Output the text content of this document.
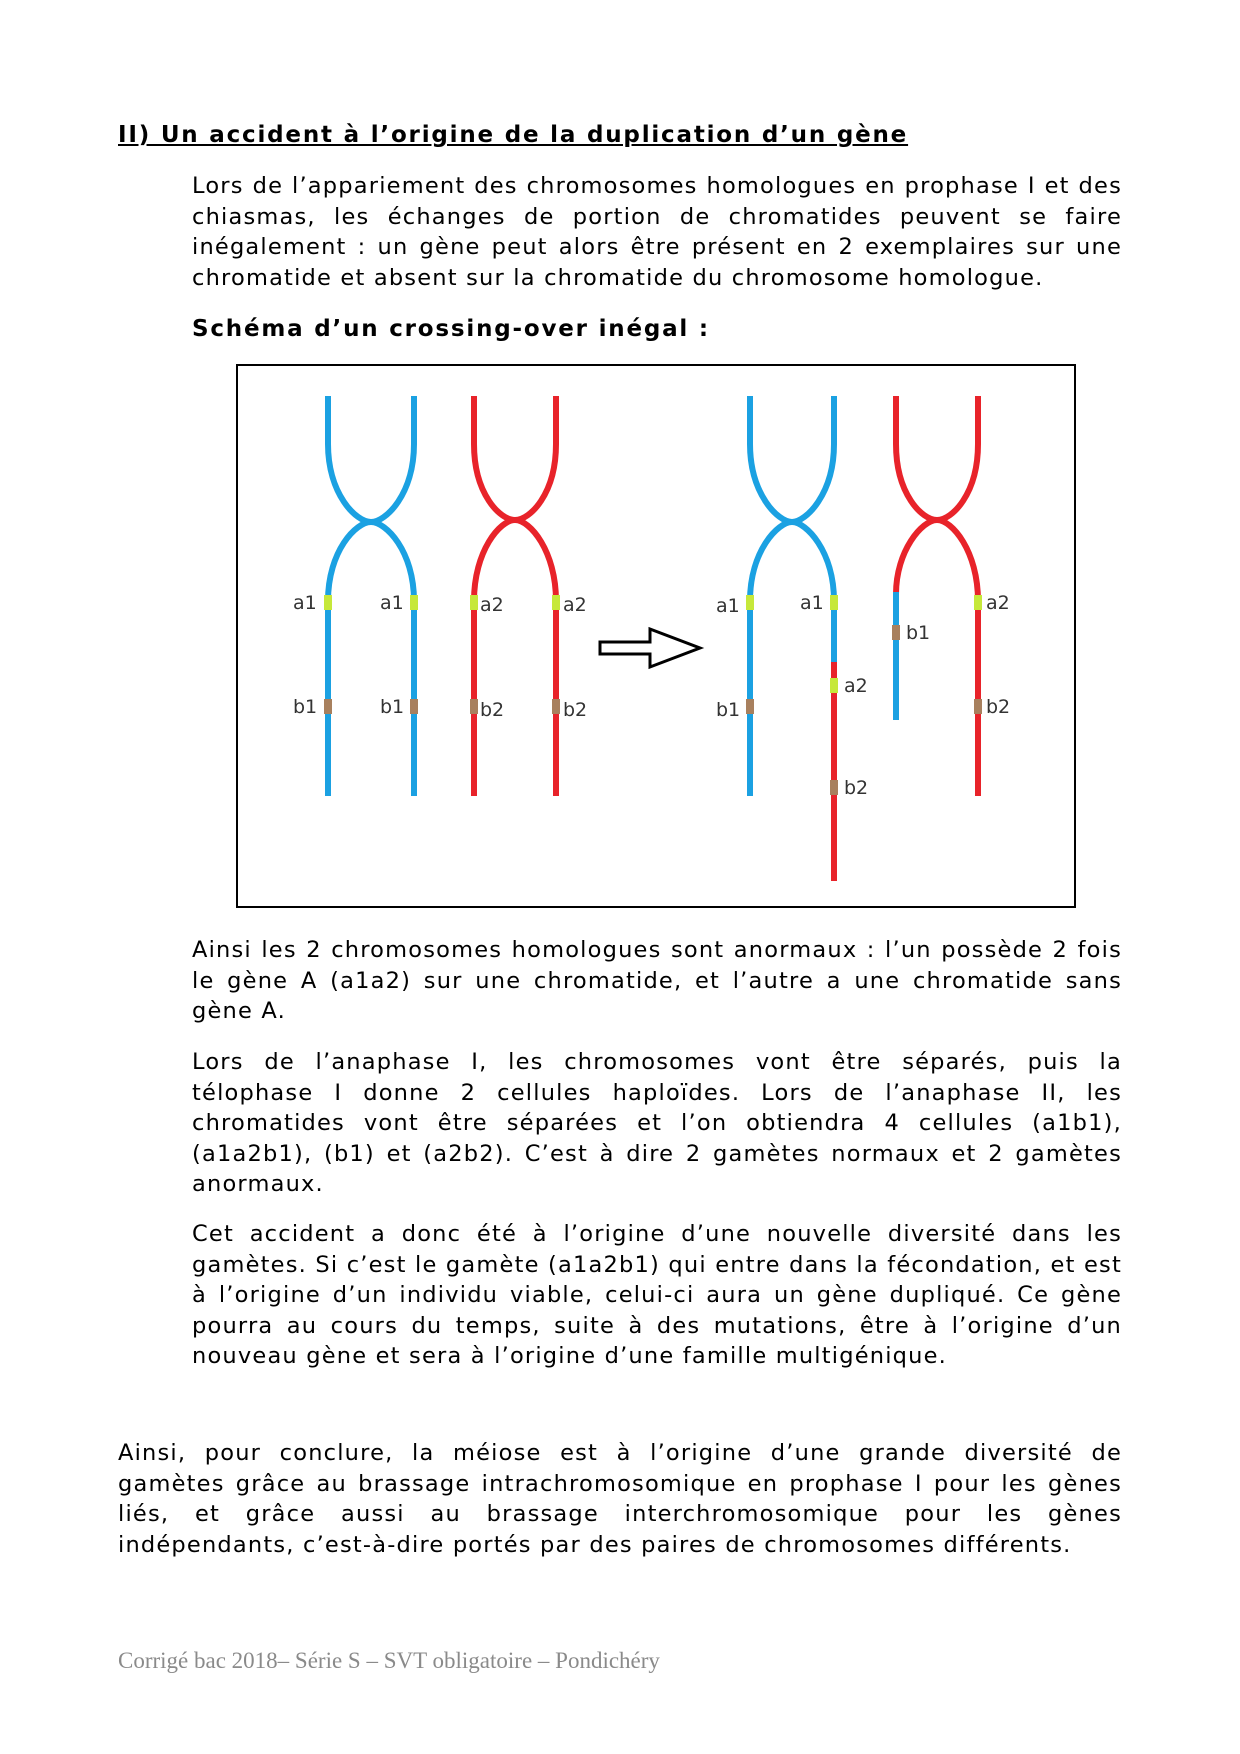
II) Un accident à l’origine de la duplication d’un gène

Lors de l’appariement des chromosomes homologues en prophase I et des chiasmas, les échanges de portion de chromatides peuvent se faire inégalement : un gène peut alors être présent en 2 exemplaires sur une chromatide et absent sur la chromatide du chromosome homologue.

Schéma d’un crossing-over inégal :
a1	a1	a2	a2
b1	b1	b2	b2
a1	a1
a2
b2
b1
a2
b1	b2

Ainsi les 2 chromosomes homologues sont anormaux : l’un possède 2 fois le gène A (a1a2) sur une chromatide, et l’autre a une chromatide sans gène A.

Lors de l’anaphase I, les chromosomes vont être séparés, puis la télophase I donne 2 cellules haploïdes. Lors de l’anaphase II, les chromatides vont être séparées et l’on obtiendra 4 cellules (a1b1), (a1a2b1), (b1) et (a2b2). C’est à dire 2 gamètes normaux et 2 gamètes anormaux.

Cet accident a donc été à l’origine d’une nouvelle diversité dans les gamètes. Si c’est le gamète (a1a2b1) qui entre dans la fécondation, et est à l’origine d’un individu viable, celui-ci aura un gène dupliqué. Ce gène pourra au cours du temps, suite à des mutations, être à l’origine d’un nouveau gène et sera à l’origine d’une famille multigénique.

Ainsi, pour conclure, la méiose est à l’origine d’une grande diversité de gamètes grâce au brassage intrachromosomique en prophase I pour les gènes liés, et grâce aussi au brassage interchromosomique pour les gènes indépendants, c’est-à-dire portés par des paires de chromosomes différents.

Corrigé bac 2018– Série S – SVT obligatoire – Pondichéry
